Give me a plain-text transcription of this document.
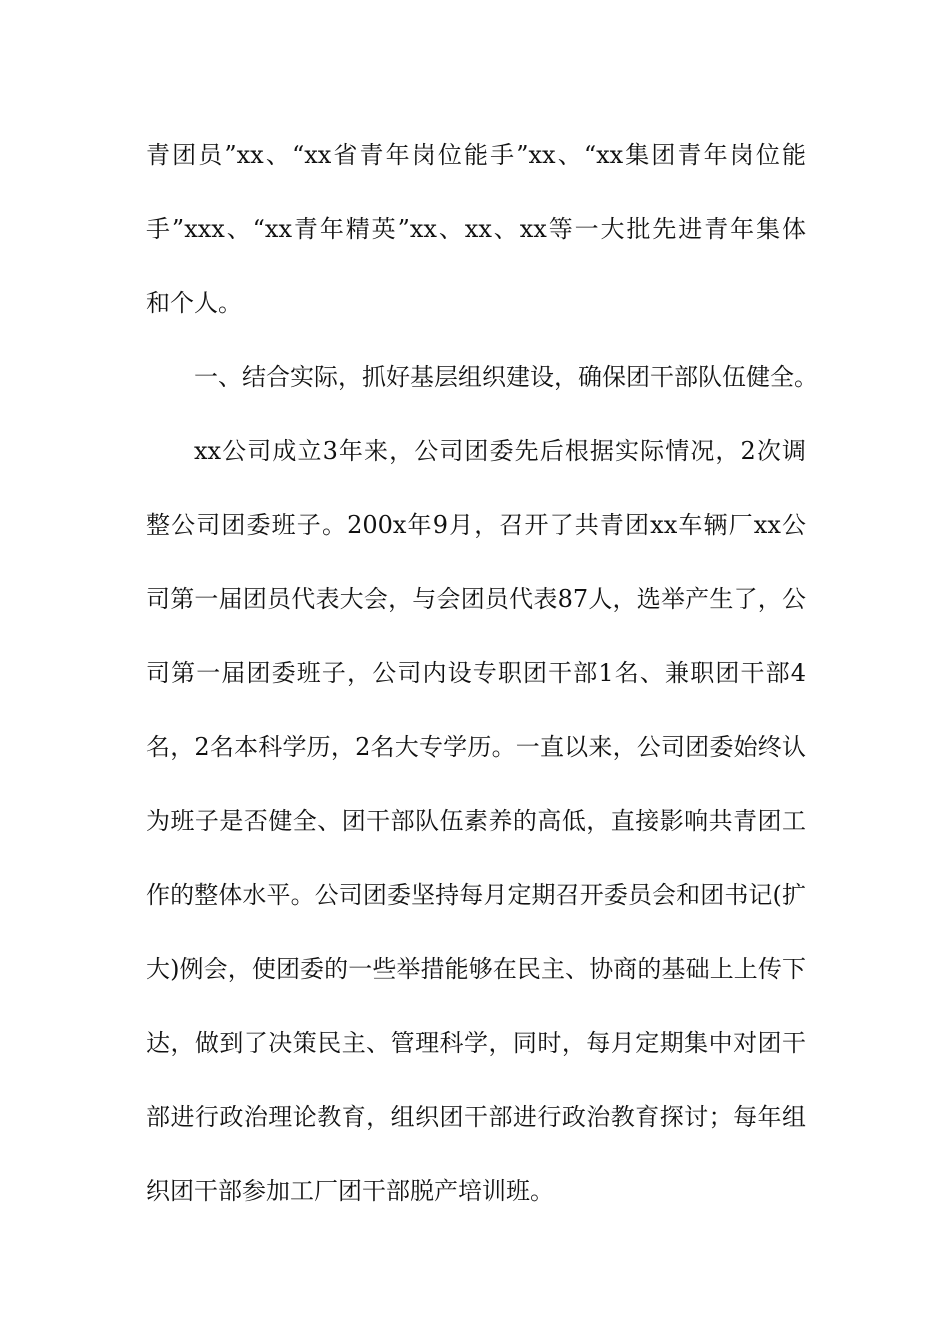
青团员”xx、“xx省青年岗位能手”xx、“xx集团青年岗位能
手”xxx、“xx青年精英”xx、xx、xx等一大批先进青年集体
和个人。
一、结合实际，抓好基层组织建设，确保团干部队伍健全。
xx公司成立3年来，公司团委先后根据实际情况，2次调
整公司团委班子。200x年9月，召开了共青团xx车辆厂xx公
司第一届团员代表大会，与会团员代表87人，选举产生了，公
司第一届团委班子，公司内设专职团干部1名、兼职团干部4
名，2名本科学历，2名大专学历。一直以来，公司团委始终认
为班子是否健全、团干部队伍素养的高低，直接影响共青团工
作的整体水平。公司团委坚持每月定期召开委员会和团书记(扩
大)例会，使团委的一些举措能够在民主、协商的基础上上传下
达，做到了决策民主、管理科学，同时，每月定期集中对团干
部进行政治理论教育，组织团干部进行政治教育探讨；每年组
织团干部参加工厂团干部脱产培训班。
